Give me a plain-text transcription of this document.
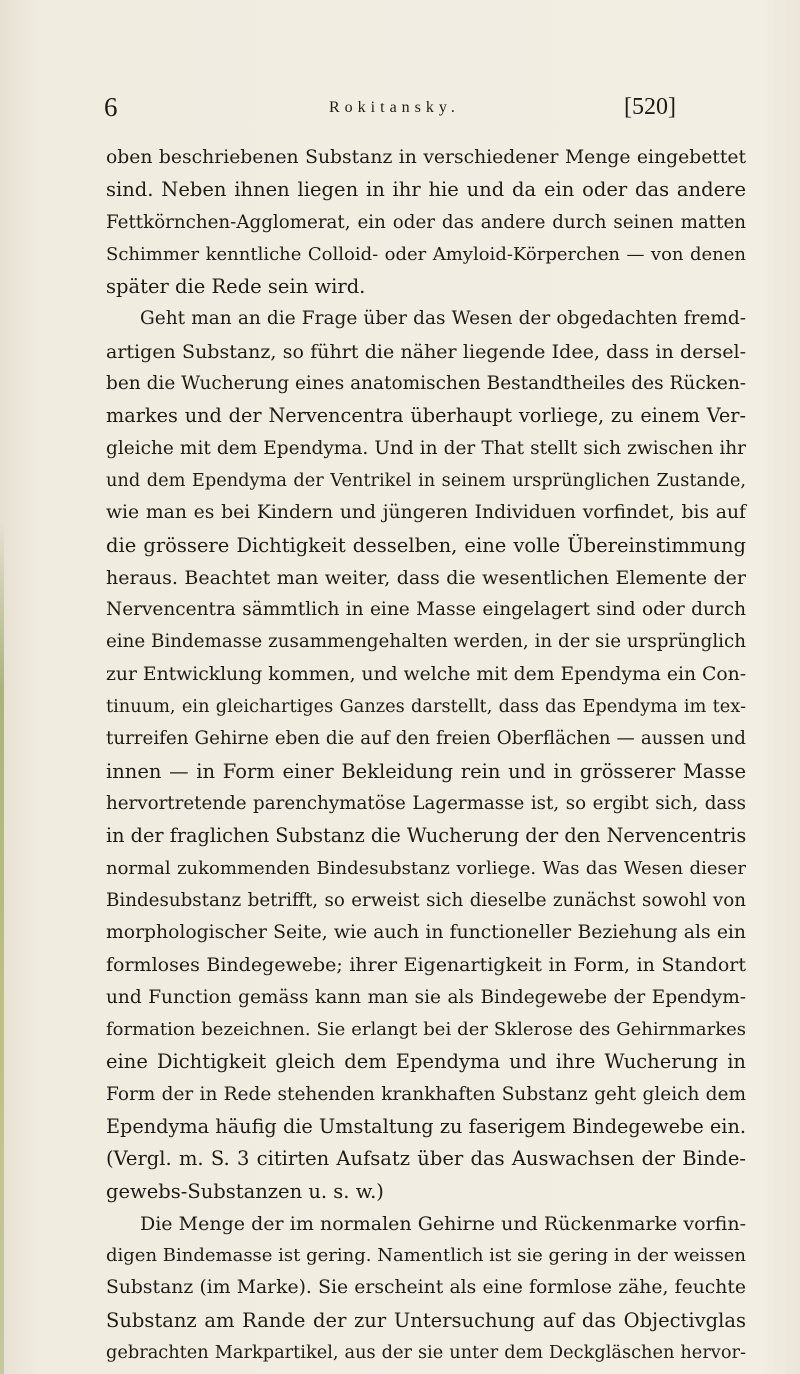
6	Rokitansky.	[520]
oben beschriebenen Substanz in verschiedener Menge eingebettet
sind. Neben ihnen liegen in ihr hie und da ein oder das andere
Fettkörnchen-Agglomerat, ein oder das andere durch seinen matten
Schimmer kenntliche Colloid- oder Amyloid-Körperchen — von denen
später die Rede sein wird.
Geht man an die Frage über das Wesen der obgedachten fremd-
artigen Substanz, so führt die näher liegende Idee, dass in dersel-
ben die Wucherung eines anatomischen Bestandtheiles des Rücken-
markes und der Nervencentra überhaupt vorliege, zu einem Ver-
gleiche mit dem Ependyma. Und in der That stellt sich zwischen ihr
und dem Ependyma der Ventrikel in seinem ursprünglichen Zustande,
wie man es bei Kindern und jüngeren Individuen vorfindet, bis auf
die grössere Dichtigkeit desselben, eine volle Übereinstimmung
heraus. Beachtet man weiter, dass die wesentlichen Elemente der
Nervencentra sämmtlich in eine Masse eingelagert sind oder durch
eine Bindemasse zusammengehalten werden, in der sie ursprünglich
zur Entwicklung kommen, und welche mit dem Ependyma ein Con-
tinuum, ein gleichartiges Ganzes darstellt, dass das Ependyma im tex-
turreifen Gehirne eben die auf den freien Oberflächen — aussen und
innen — in Form einer Bekleidung rein und in grösserer Masse
hervortretende parenchymatöse Lagermasse ist, so ergibt sich, dass
in der fraglichen Substanz die Wucherung der den Nervencentris
normal zukommenden Bindesubstanz vorliege. Was das Wesen dieser
Bindesubstanz betrifft, so erweist sich dieselbe zunächst sowohl von
morphologischer Seite, wie auch in functioneller Beziehung als ein
formloses Bindegewebe; ihrer Eigenartigkeit in Form, in Standort
und Function gemäss kann man sie als Bindegewebe der Ependym-
formation bezeichnen. Sie erlangt bei der Sklerose des Gehirnmarkes
eine Dichtigkeit gleich dem Ependyma und ihre Wucherung in
Form der in Rede stehenden krankhaften Substanz geht gleich dem
Ependyma häufig die Umstaltung zu faserigem Bindegewebe ein.
(Vergl. m. S. 3 citirten Aufsatz über das Auswachsen der Binde-
gewebs-Substanzen u. s. w.)
Die Menge der im normalen Gehirne und Rückenmarke vorfin-
digen Bindemasse ist gering. Namentlich ist sie gering in der weissen
Substanz (im Marke). Sie erscheint als eine formlose zähe, feuchte
Substanz am Rande der zur Untersuchung auf das Objectivglas
gebrachten Markpartikel, aus der sie unter dem Deckgläschen hervor-
